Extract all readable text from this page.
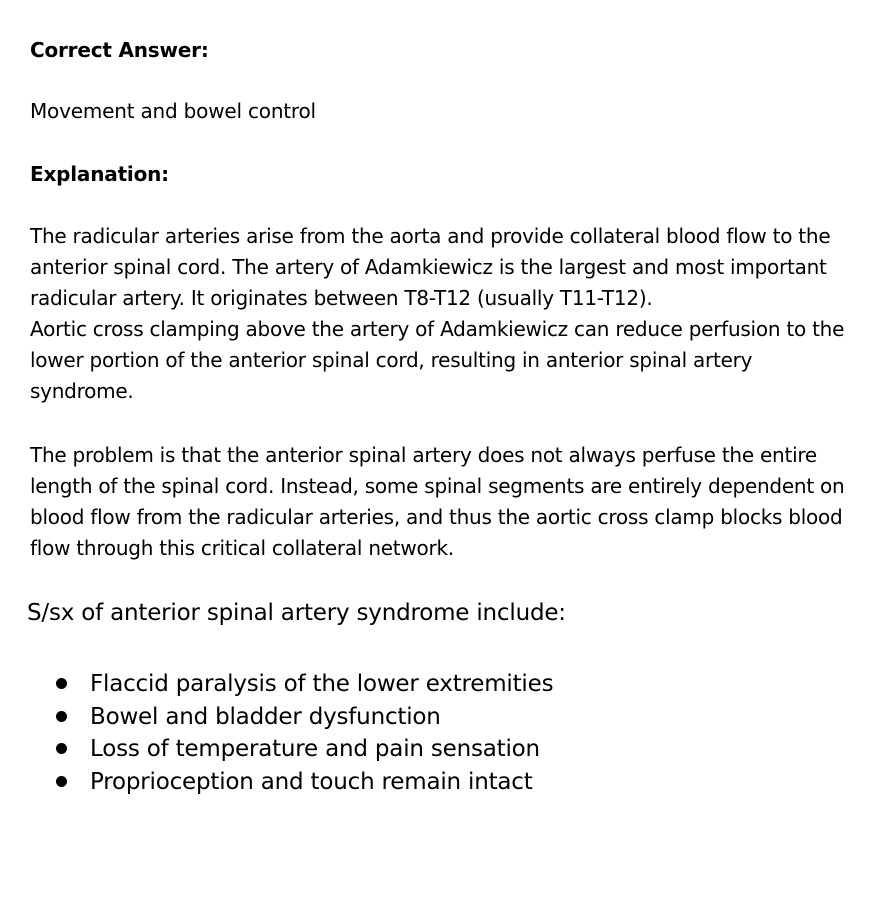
Correct Answer:

Movement and bowel control

Explanation:

The radicular arteries arise from the aorta and provide collateral blood flow to the
anterior spinal cord. The artery of Adamkiewicz is the largest and most important
radicular artery. It originates between T8-T12 (usually T11-T12).
Aortic cross clamping above the artery of Adamkiewicz can reduce perfusion to the
lower portion of the anterior spinal cord, resulting in anterior spinal artery
syndrome.

The problem is that the anterior spinal artery does not always perfuse the entire
length of the spinal cord. Instead, some spinal segments are entirely dependent on
blood flow from the radicular arteries, and thus the aortic cross clamp blocks blood
flow through this critical collateral network.

S/sx of anterior spinal artery syndrome include:

Flaccid paralysis of the lower extremities
Bowel and bladder dysfunction
Loss of temperature and pain sensation
Proprioception and touch remain intact
